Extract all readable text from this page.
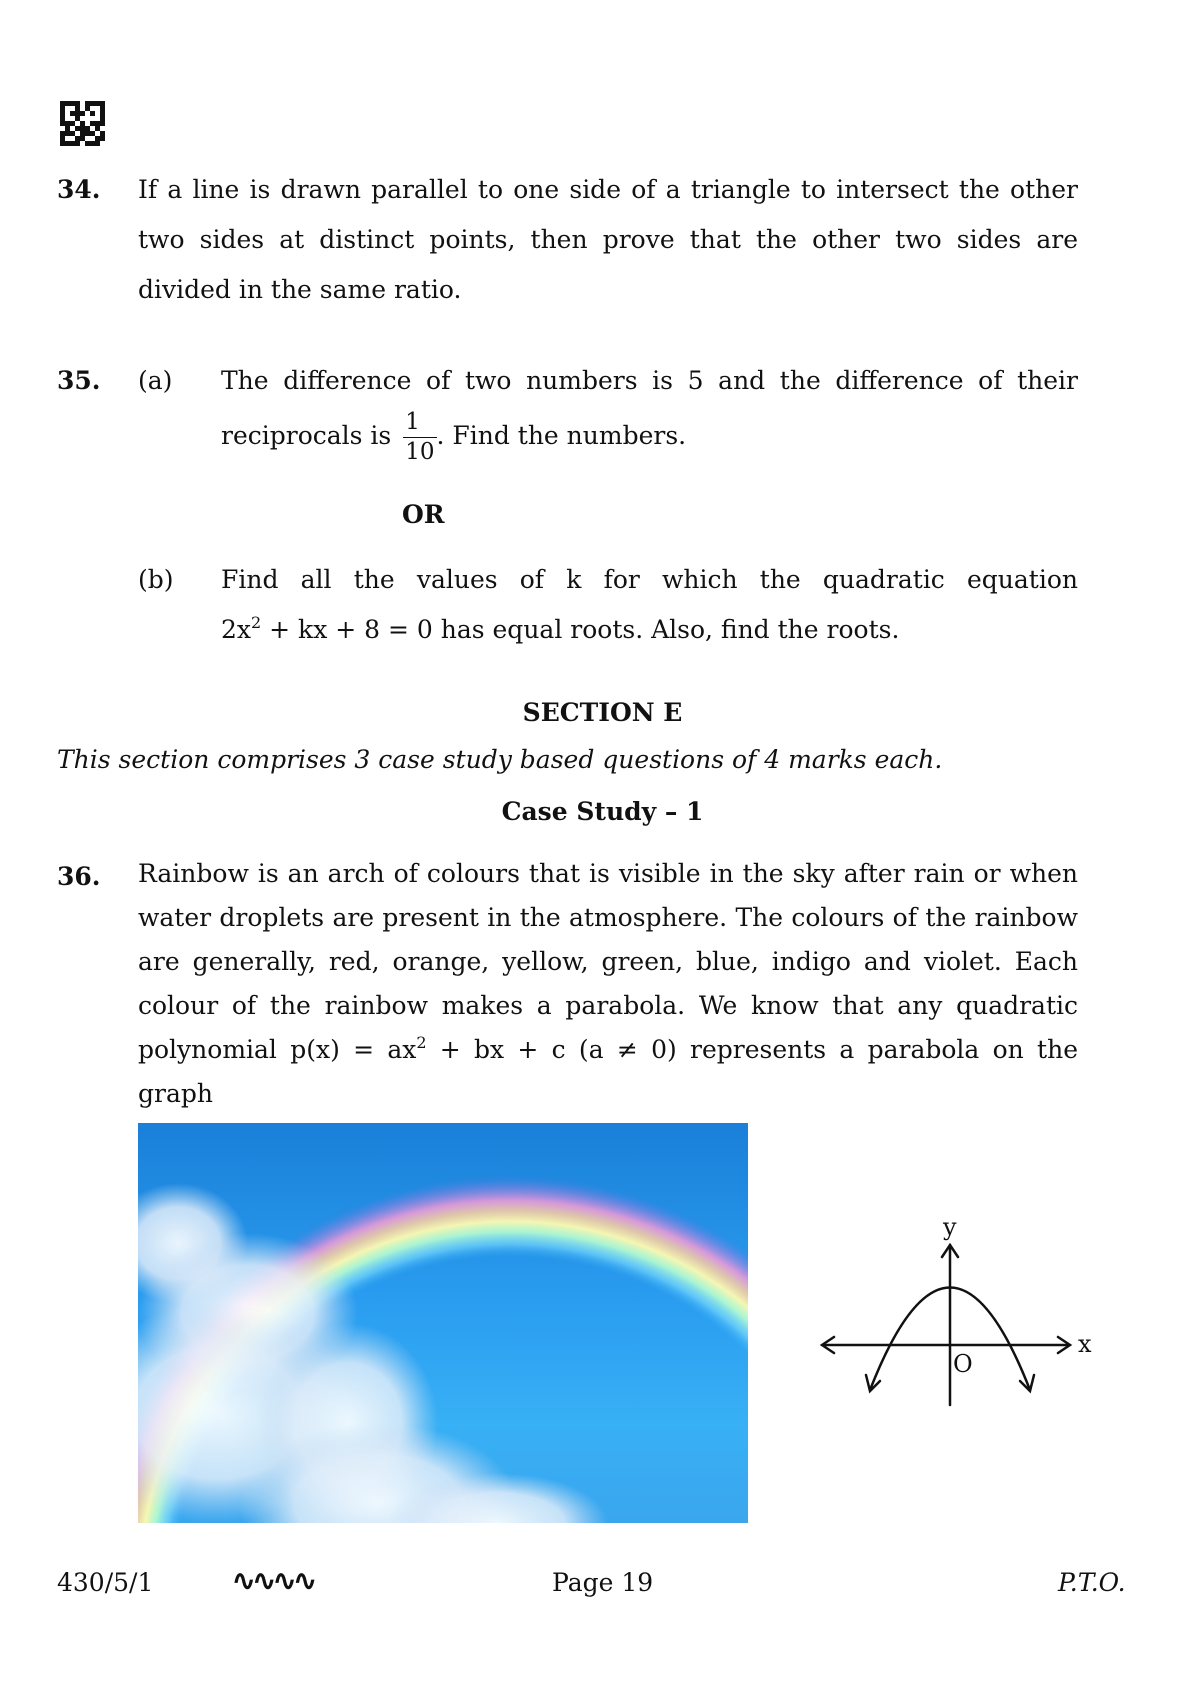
34. If a line is drawn parallel to one side of a triangle to intersect the other
two sides at distinct points, then prove that the other two sides are
divided in the same ratio.
35. (a) The difference of two numbers is 5 and the difference of their
reciprocals is $\frac{1}{10}$ . Find the numbers.
OR
(b) Find all the values of k for which the quadratic equation
$2x^2$ + kx + 8 = 0 has equal roots. Also, find the roots.
SECTION E
This section comprises 3 case study based questions of 4 marks each.
Case Study – 1
36. Rainbow is an arch of colours that is visible in the sky after rain or when
water droplets are present in the atmosphere. The colours of the rainbow
are generally, red, orange, yellow, green, blue, indigo and violet. Each
colour of the rainbow makes a parabola. We know that any quadratic
polynomial $p(x) = ax^2$ + bx + c (a ≠ 0) represents a parabola on the graph
y
x
O
430/5/1	∿∿∿∿	Page 19	P.T.O.
